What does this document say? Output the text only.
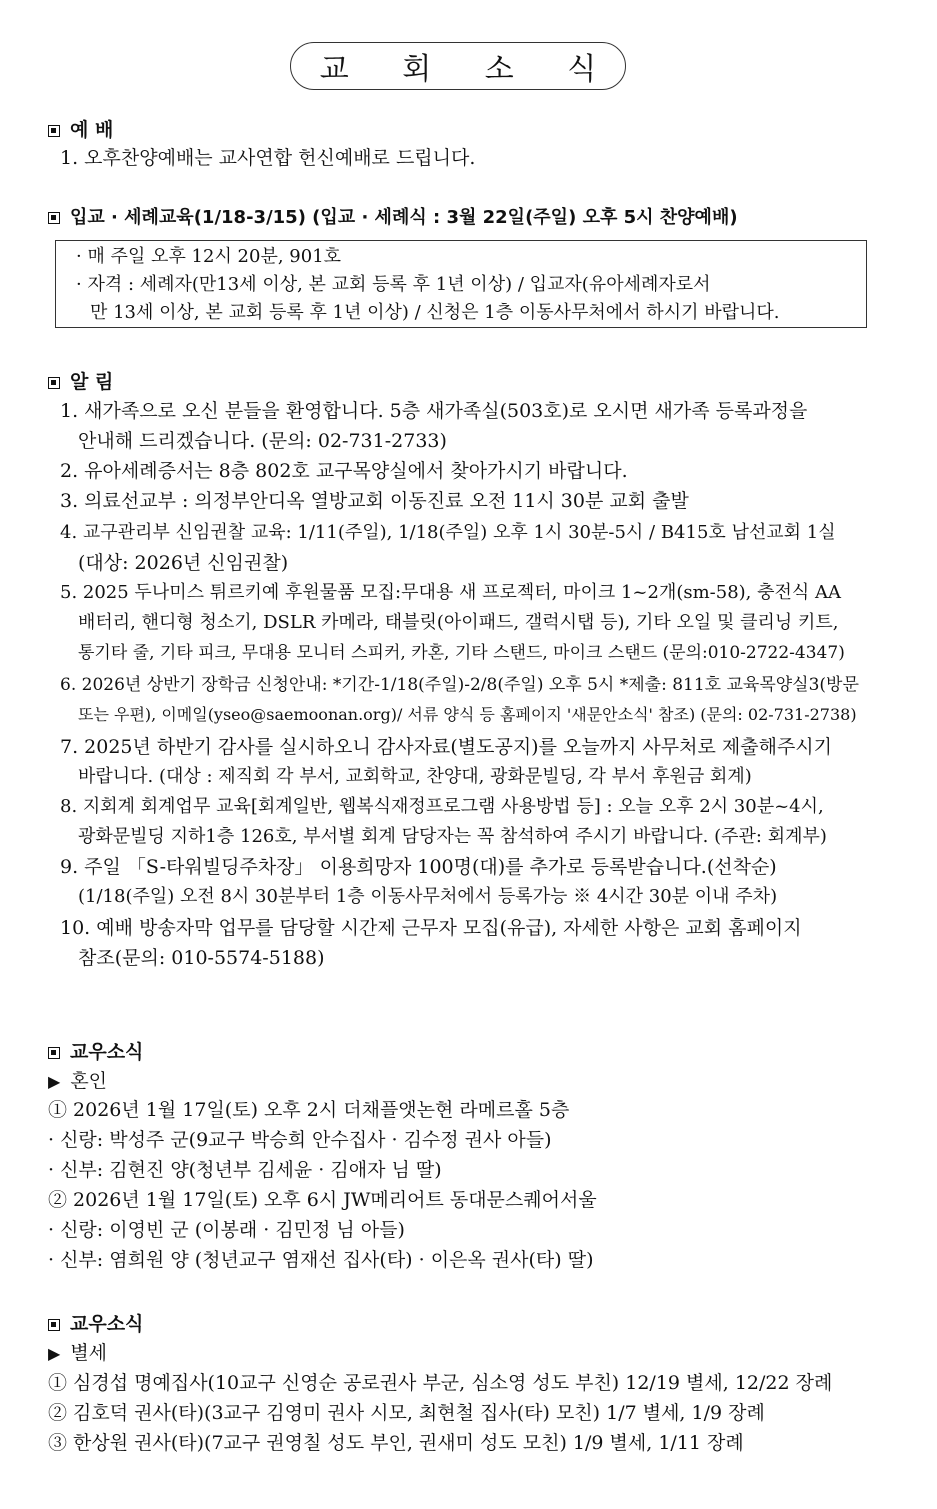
교 회 소 식
예 배
1. 오후찬양예배는 교사연합 헌신예배로 드립니다.
입교 · 세례교육(1/18-3/15) (입교 · 세례식 : 3월 22일(주일) 오후 5시 찬양예배)
· 매 주일 오후 12시 20분, 901호
· 자격 : 세례자(만13세 이상, 본 교회 등록 후 1년 이상) / 입교자(유아세례자로서
만 13세 이상, 본 교회 등록 후 1년 이상) / 신청은 1층 이동사무처에서 하시기 바랍니다.
알 림
1. 새가족으로 오신 분들을 환영합니다. 5층 새가족실(503호)로 오시면 새가족 등록과정을
안내해 드리겠습니다. (문의: 02-731-2733)
2. 유아세례증서는 8층 802호 교구목양실에서 찾아가시기 바랍니다.
3. 의료선교부 : 의정부안디옥 열방교회 이동진료 오전 11시 30분 교회 출발
4. 교구관리부 신임권찰 교육: 1/11(주일), 1/18(주일) 오후 1시 30분-5시 / B415호 남선교회 1실
(대상: 2026년 신임권찰)
5. 2025 두나미스 튀르키예 후원물품 모집:무대용 새 프로젝터, 마이크 1~2개(sm-58), 충전식 AA
배터리, 핸디형 청소기, DSLR 카메라, 태블릿(아이패드, 갤럭시탭 등), 기타 오일 및 클리닝 키트,
통기타 줄, 기타 피크, 무대용 모니터 스피커, 카혼, 기타 스탠드, 마이크 스탠드 (문의:010-2722-4347)
6. 2026년 상반기 장학금 신청안내: *기간-1/18(주일)-2/8(주일) 오후 5시 *제출: 811호 교육목양실3(방문
또는 우편), 이메일(yseo@saemoonan.org)/ 서류 양식 등 홈페이지 '새문안소식' 참조) (문의: 02-731-2738)
7. 2025년 하반기 감사를 실시하오니 감사자료(별도공지)를 오늘까지 사무처로 제출해주시기
바랍니다. (대상 : 제직회 각 부서, 교회학교, 찬양대, 광화문빌딩, 각 부서 후원금 회계)
8. 지회계 회계업무 교육[회계일반, 웹복식재정프로그램 사용방법 등] : 오늘 오후 2시 30분~4시,
광화문빌딩 지하1층 126호, 부서별 회계 담당자는 꼭 참석하여 주시기 바랍니다. (주관: 회계부)
9. 주일 「S-타워빌딩주차장」 이용희망자 100명(대)를 추가로 등록받습니다.(선착순)
(1/18(주일) 오전 8시 30분부터 1층 이동사무처에서 등록가능 ※ 4시간 30분 이내 주차)
10. 예배 방송자막 업무를 담당할 시간제 근무자 모집(유급), 자세한 사항은 교회 홈페이지
참조(문의: 010-5574-5188)
교우소식
▶ 혼인
① 2026년 1월 17일(토) 오후 2시 더채플앳논현 라메르홀 5층
· 신랑: 박성주 군(9교구 박승희 안수집사 · 김수정 권사 아들)
· 신부: 김현진 양(청년부 김세윤 · 김애자 님 딸)
② 2026년 1월 17일(토) 오후 6시 JW메리어트 동대문스퀘어서울
· 신랑: 이영빈 군 (이봉래 · 김민정 님 아들)
· 신부: 염희원 양 (청년교구 염재선 집사(타) · 이은옥 권사(타) 딸)
교우소식
▶ 별세
① 심경섭 명예집사(10교구 신영순 공로권사 부군, 심소영 성도 부친) 12/19 별세, 12/22 장례
② 김호덕 권사(타)(3교구 김영미 권사 시모, 최현철 집사(타) 모친) 1/7 별세, 1/9 장례
③ 한상원 권사(타)(7교구 권영칠 성도 부인, 권새미 성도 모친) 1/9 별세, 1/11 장례
